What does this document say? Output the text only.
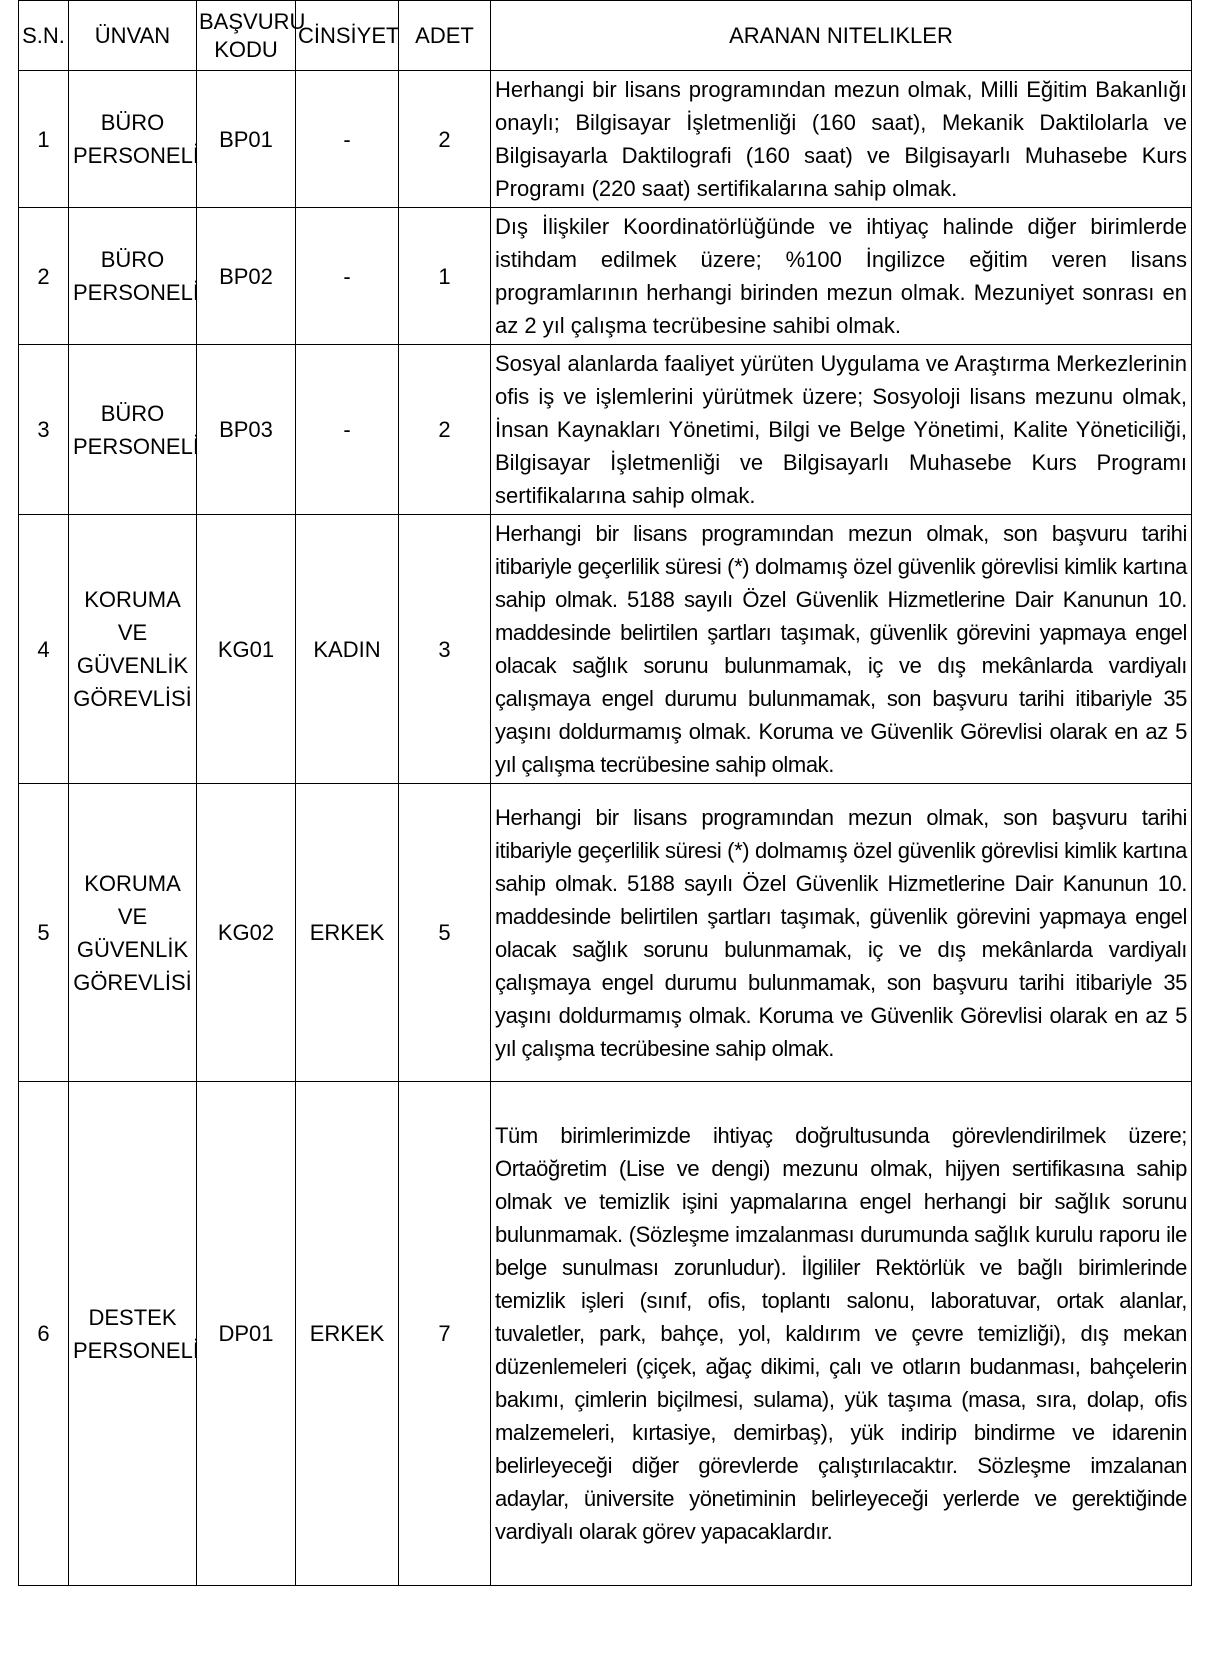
S.N.	ÜNVAN	BAŞVURU KODU	CİNSİYET	ADET	ARANAN NITELIKLER
1	BÜRO PERSONELİ	BP01	-	2	Herhangi bir lisans programından mezun olmak, Milli Eğitim Bakanlığı onaylı; Bilgisayar İşletmenliği (160 saat), Mekanik Daktilolarla ve Bilgisayarla Daktilografi (160 saat) ve Bilgisayarlı Muhasebe Kurs Programı (220 saat) sertifikalarına sahip olmak.
2	BÜRO PERSONELİ	BP02	-	1	Dış İlişkiler Koordinatörlüğünde ve ihtiyaç halinde diğer birimlerde istihdam edilmek üzere; %100 İngilizce eğitim veren lisans programlarının herhangi birinden mezun olmak. Mezuniyet sonrası en az 2 yıl çalışma tecrübesine sahibi olmak.
3	BÜRO PERSONELİ	BP03	-	2	Sosyal alanlarda faaliyet yürüten Uygulama ve Araştırma Merkezlerinin ofis iş ve işlemlerini yürütmek üzere; Sosyoloji lisans mezunu olmak, İnsan Kaynakları Yönetimi, Bilgi ve Belge Yönetimi, Kalite Yöneticiliği, Bilgisayar İşletmenliği ve Bilgisayarlı Muhasebe Kurs Programı sertifikalarına sahip olmak.
4	KORUMA VE GÜVENLİK GÖREVLİSİ	KG01	KADIN	3	Herhangi bir lisans programından mezun olmak, son başvuru tarihi itibariyle geçerlilik süresi (*) dolmamış özel güvenlik görevlisi kimlik kartına sahip olmak. 5188 sayılı Özel Güvenlik Hizmetlerine Dair Kanunun 10. maddesinde belirtilen şartları taşımak, güvenlik görevini yapmaya engel olacak sağlık sorunu bulunmamak, iç ve dış mekânlarda vardiyalı çalışmaya engel durumu bulunmamak, son başvuru tarihi itibariyle 35 yaşını doldurmamış olmak. Koruma ve Güvenlik Görevlisi olarak en az 5 yıl çalışma tecrübesine sahip olmak.
5	KORUMA VE GÜVENLİK GÖREVLİSİ	KG02	ERKEK	5	Herhangi bir lisans programından mezun olmak, son başvuru tarihi itibariyle geçerlilik süresi (*) dolmamış özel güvenlik görevlisi kimlik kartına sahip olmak. 5188 sayılı Özel Güvenlik Hizmetlerine Dair Kanunun 10. maddesinde belirtilen şartları taşımak, güvenlik görevini yapmaya engel olacak sağlık sorunu bulunmamak, iç ve dış mekânlarda vardiyalı çalışmaya engel durumu bulunmamak, son başvuru tarihi itibariyle 35 yaşını doldurmamış olmak. Koruma ve Güvenlik Görevlisi olarak en az 5 yıl çalışma tecrübesine sahip olmak.
6	DESTEK PERSONELİ	DP01	ERKEK	7	Tüm birimlerimizde ihtiyaç doğrultusunda görevlendirilmek üzere; Ortaöğretim (Lise ve dengi) mezunu olmak, hijyen sertifikasına sahip olmak ve temizlik işini yapmalarına engel herhangi bir sağlık sorunu bulunmamak. (Sözleşme imzalanması durumunda sağlık kurulu raporu ile belge sunulması zorunludur). İlgililer Rektörlük ve bağlı birimlerinde temizlik işleri (sınıf, ofis, toplantı salonu, laboratuvar, ortak alanlar, tuvaletler, park, bahçe, yol, kaldırım ve çevre temizliği), dış mekan düzenlemeleri (çiçek, ağaç dikimi, çalı ve otların budanması, bahçelerin bakımı, çimlerin biçilmesi, sulama), yük taşıma (masa, sıra, dolap, ofis malzemeleri, kırtasiye, demirbaş), yük indirip bindirme ve idarenin belirleyeceği diğer görevlerde çalıştırılacaktır. Sözleşme imzalanan adaylar, üniversite yönetiminin belirleyeceği yerlerde ve gerektiğinde vardiyalı olarak görev yapacaklardır.
